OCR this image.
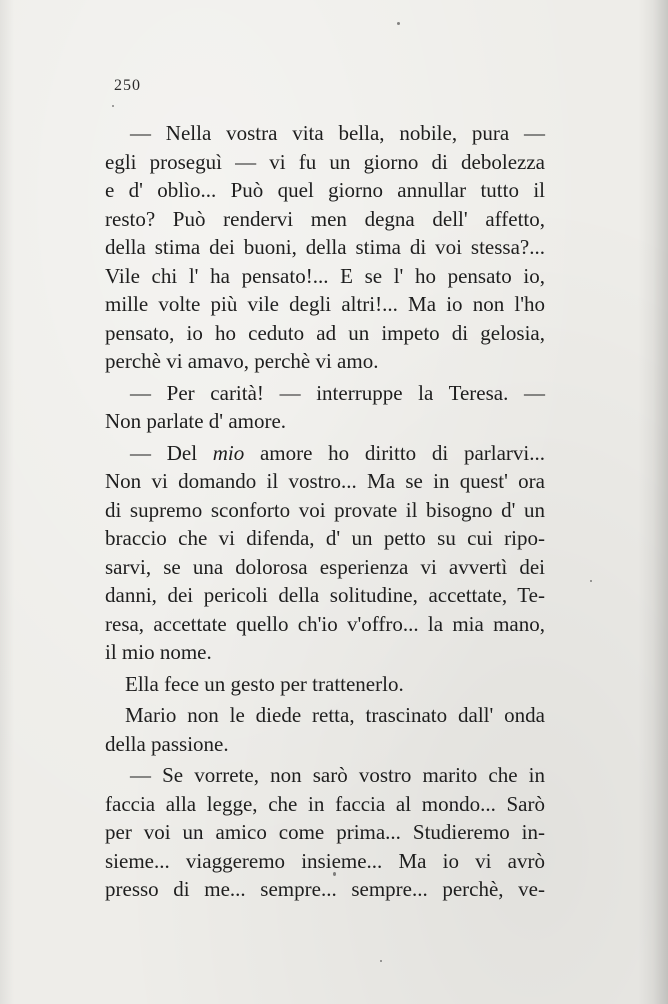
250
— Nella vostra vita bella, nobile, pura —
egli proseguì — vi fu un giorno di debolezza
e d' oblìo... Può quel giorno annullar tutto il
resto? Può rendervi men degna dell' affetto,
della stima dei buoni, della stima di voi stessa?...
Vile chi l' ha pensato!... E se l' ho pensato io,
mille volte più vile degli altri!... Ma io non l'ho
pensato, io ho ceduto ad un impeto di gelosia,
perchè vi amavo, perchè vi amo.
— Per carità! — interruppe la Teresa. —
Non parlate d' amore.
— Del mio amore ho diritto di parlarvi...
Non vi domando il vostro... Ma se in quest' ora
di supremo sconforto voi provate il bisogno d' un
braccio che vi difenda, d' un petto su cui ripo-
sarvi, se una dolorosa esperienza vi avvertì dei
danni, dei pericoli della solitudine, accettate, Te-
resa, accettate quello ch'io v'offro... la mia mano,
il mio nome.
Ella fece un gesto per trattenerlo.
Mario non le diede retta, trascinato dall' onda
della passione.
— Se vorrete, non sarò vostro marito che in
faccia alla legge, che in faccia al mondo... Sarò
per voi un amico come prima... Studieremo in-
sieme... viaggeremo insieme... Ma io vi avrò
presso di me... sempre... sempre... perchè, ve-
